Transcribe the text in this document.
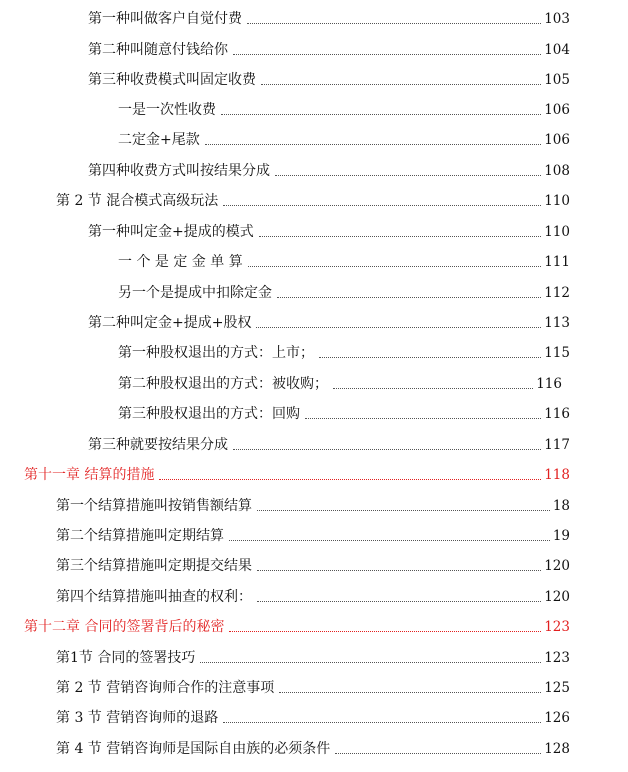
第一种叫做客户自觉付费	103
第二种叫随意付钱给你	104
第三种收费模式叫固定收费	105
一是一次性收费	106
二定金+尾款	106
第四种收费方式叫按结果分成	108
第 2 节 混合模式高级玩法	110
第一种叫定金+提成的模式	110
一 个 是 定 金 单 算	111
另一个是提成中扣除定金	112
第二种叫定金+提成+股权	113
第一种股权退出的方式：上市；	115
第二种股权退出的方式：被收购；	116
第三种股权退出的方式：回购	116
第三种就要按结果分成	117
第十一章 结算的措施	118
第一个结算措施叫按销售额结算	18
第二个结算措施叫定期结算	19
第三个结算措施叫定期提交结果	120
第四个结算措施叫抽查的权利：	120
第十二章 合同的签署背后的秘密	123
第1节 合同的签署技巧	123
第 2 节 营销咨询师合作的注意事项	125
第 3 节 营销咨询师的退路	126
第 4 节 营销咨询师是国际自由族的必须条件	128
